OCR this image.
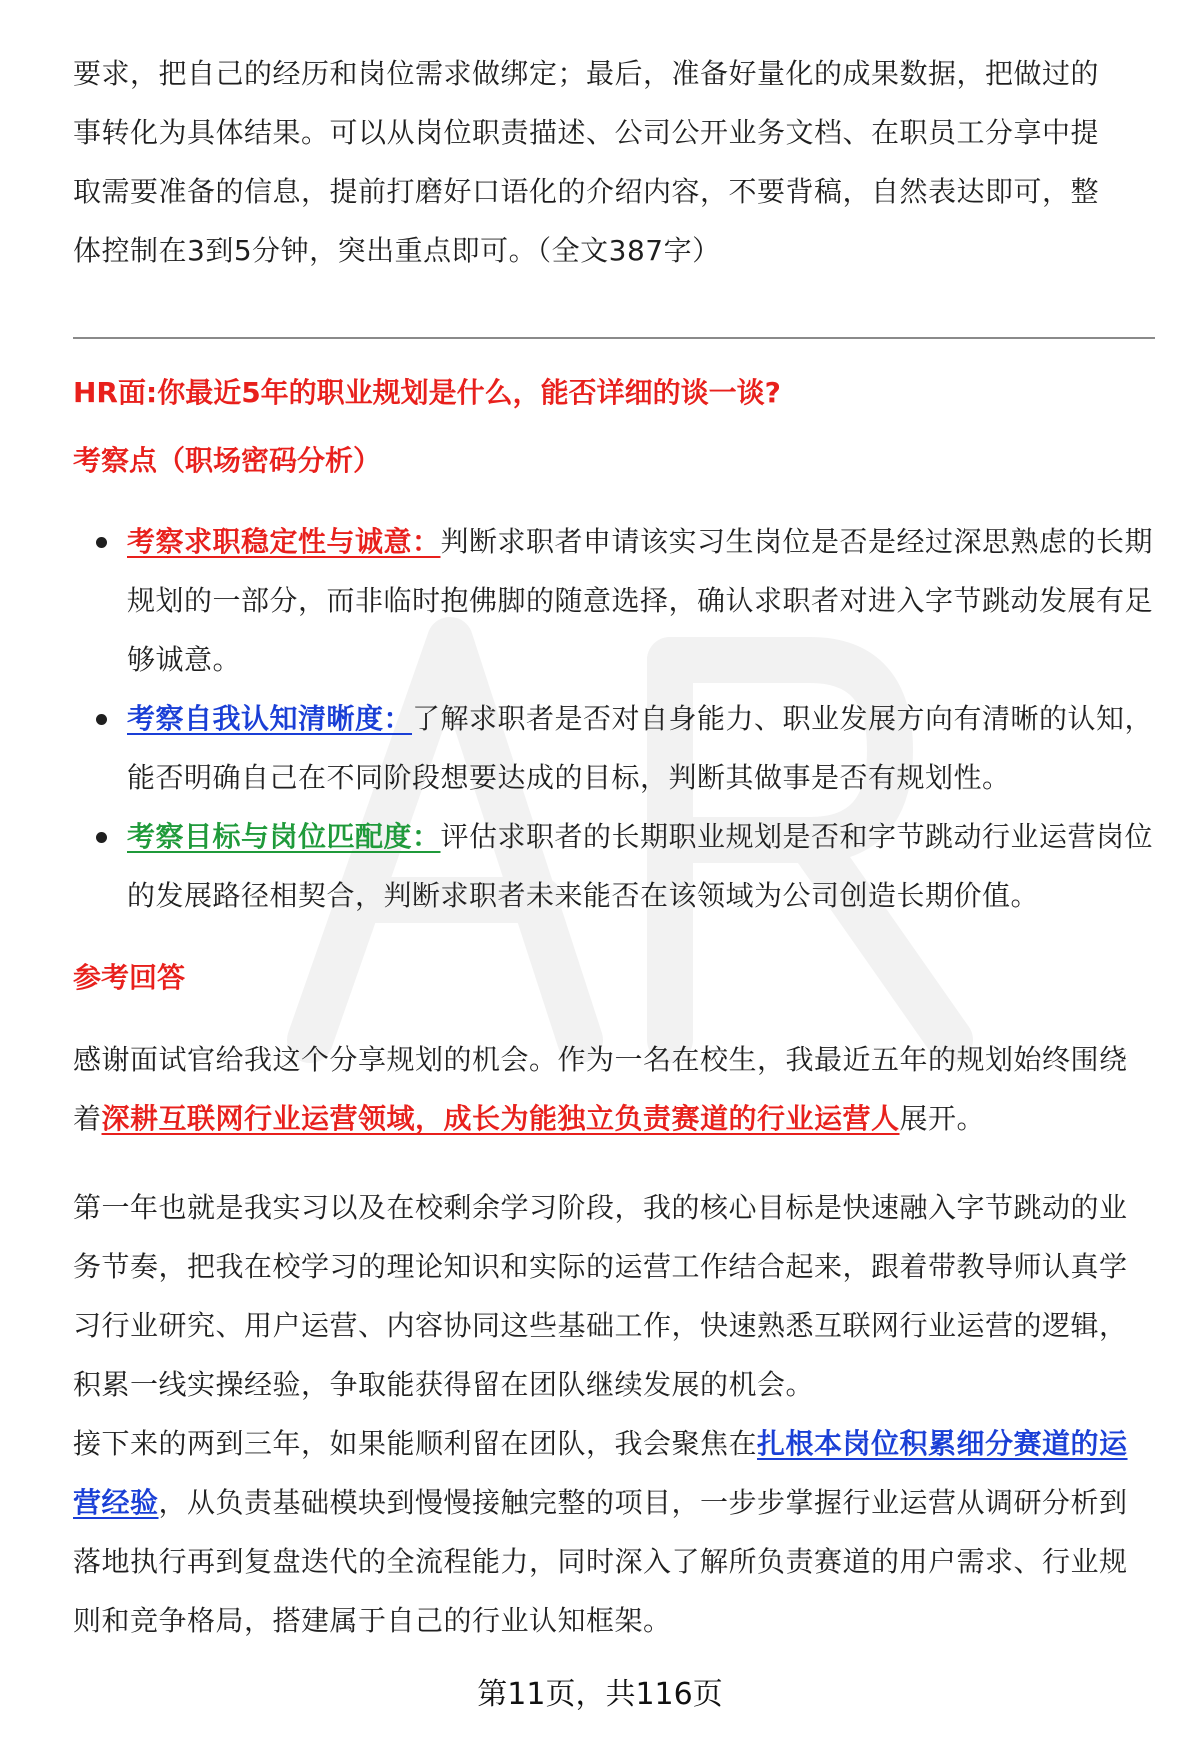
要求，把自己的经历和岗位需求做绑定；最后，准备好量化的成果数据，把做过的
事转化为具体结果。可以从岗位职责描述、公司公开业务文档、在职员工分享中提
取需要准备的信息，提前打磨好口语化的介绍内容，不要背稿，自然表达即可，整
体控制在3到5分钟，突出重点即可。（全文387字）
HR面:你最近5年的职业规划是什么，能否详细的谈一谈?
考察点（职场密码分析）
考察求职稳定性与诚意：判断求职者申请该实习生岗位是否是经过深思熟虑的长期规划的一部分，而非临时抱佛脚的随意选择，确认求职者对进入字节跳动发展有足够诚意。
考察自我认知清晰度：了解求职者是否对自身能力、职业发展方向有清晰的认知，能否明确自己在不同阶段想要达成的目标，判断其做事是否有规划性。
考察目标与岗位匹配度：评估求职者的长期职业规划是否和字节跳动行业运营岗位的发展路径相契合，判断求职者未来能否在该领域为公司创造长期价值。
参考回答
感谢面试官给我这个分享规划的机会。作为一名在校生，我最近五年的规划始终围绕着深耕互联网行业运营领域，成长为能独立负责赛道的行业运营人展开。
第一年也就是我实习以及在校剩余学习阶段，我的核心目标是快速融入字节跳动的业务节奏，把我在校学习的理论知识和实际的运营工作结合起来，跟着带教导师认真学习行业研究、用户运营、内容协同这些基础工作，快速熟悉互联网行业运营的逻辑，积累一线实操经验，争取能获得留在团队继续发展的机会。
接下来的两到三年，如果能顺利留在团队，我会聚焦在扎根本岗位积累细分赛道的运营经验，从负责基础模块到慢慢接触完整的项目，一步步掌握行业运营从调研分析到落地执行再到复盘迭代的全流程能力，同时深入了解所负责赛道的用户需求、行业规则和竞争格局，搭建属于自己的行业认知框架。
第11页，共116页
